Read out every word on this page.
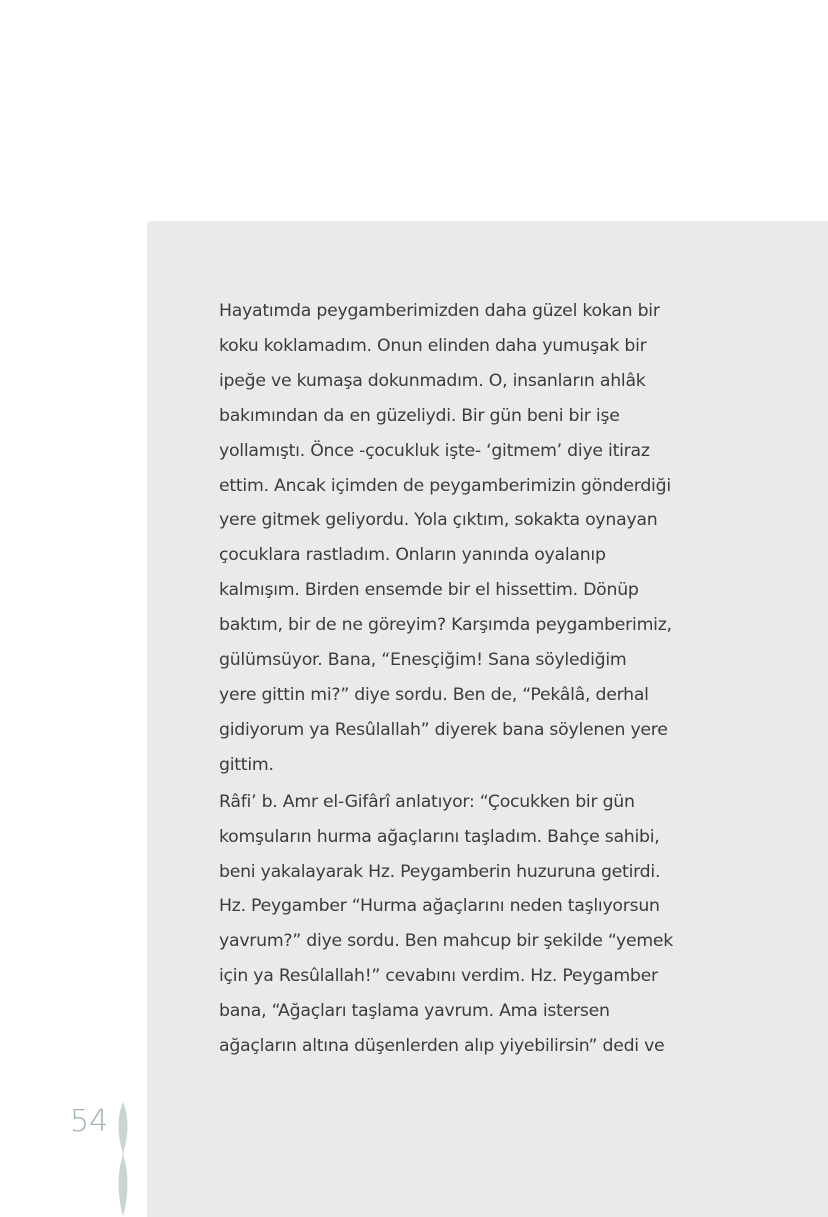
Hayatımda peygamberimizden daha güzel kokan bir
koku koklamadım. Onun elinden daha yumuşak bir
ipeğe ve kumaşa dokunmadım. O, insanların ahlâk
bakımından da en güzeliydi. Bir gün beni bir işe
yollamıştı. Önce -çocukluk işte- ‘gitmem’ diye itiraz
ettim. Ancak içimden de peygamberimizin gönderdiği
yere gitmek geliyordu. Yola çıktım, sokakta oynayan
çocuklara rastladım. Onların yanında oyalanıp
kalmışım. Birden ensemde bir el hissettim. Dönüp
baktım, bir de ne göreyim? Karşımda peygamberimiz,
gülümsüyor. Bana, “Enesçiğim! Sana söylediğim
yere gittin mi?” diye sordu. Ben de, “Pekâlâ, derhal
gidiyorum ya Resûlallah” diyerek bana söylenen yere
gittim.

Râfi’ b. Amr el-Gifârî anlatıyor: “Çocukken bir gün
komşuların hurma ağaçlarını taşladım. Bahçe sahibi,
beni yakalayarak Hz. Peygamberin huzuruna getirdi.
Hz. Peygamber “Hurma ağaçlarını neden taşlıyorsun
yavrum?” diye sordu. Ben mahcup bir şekilde “yemek
için ya Resûlallah!” cevabını verdim. Hz. Peygamber
bana, “Ağaçları taşlama yavrum. Ama istersen
ağaçların altına düşenlerden alıp yiyebilirsin” dedi ve

54
